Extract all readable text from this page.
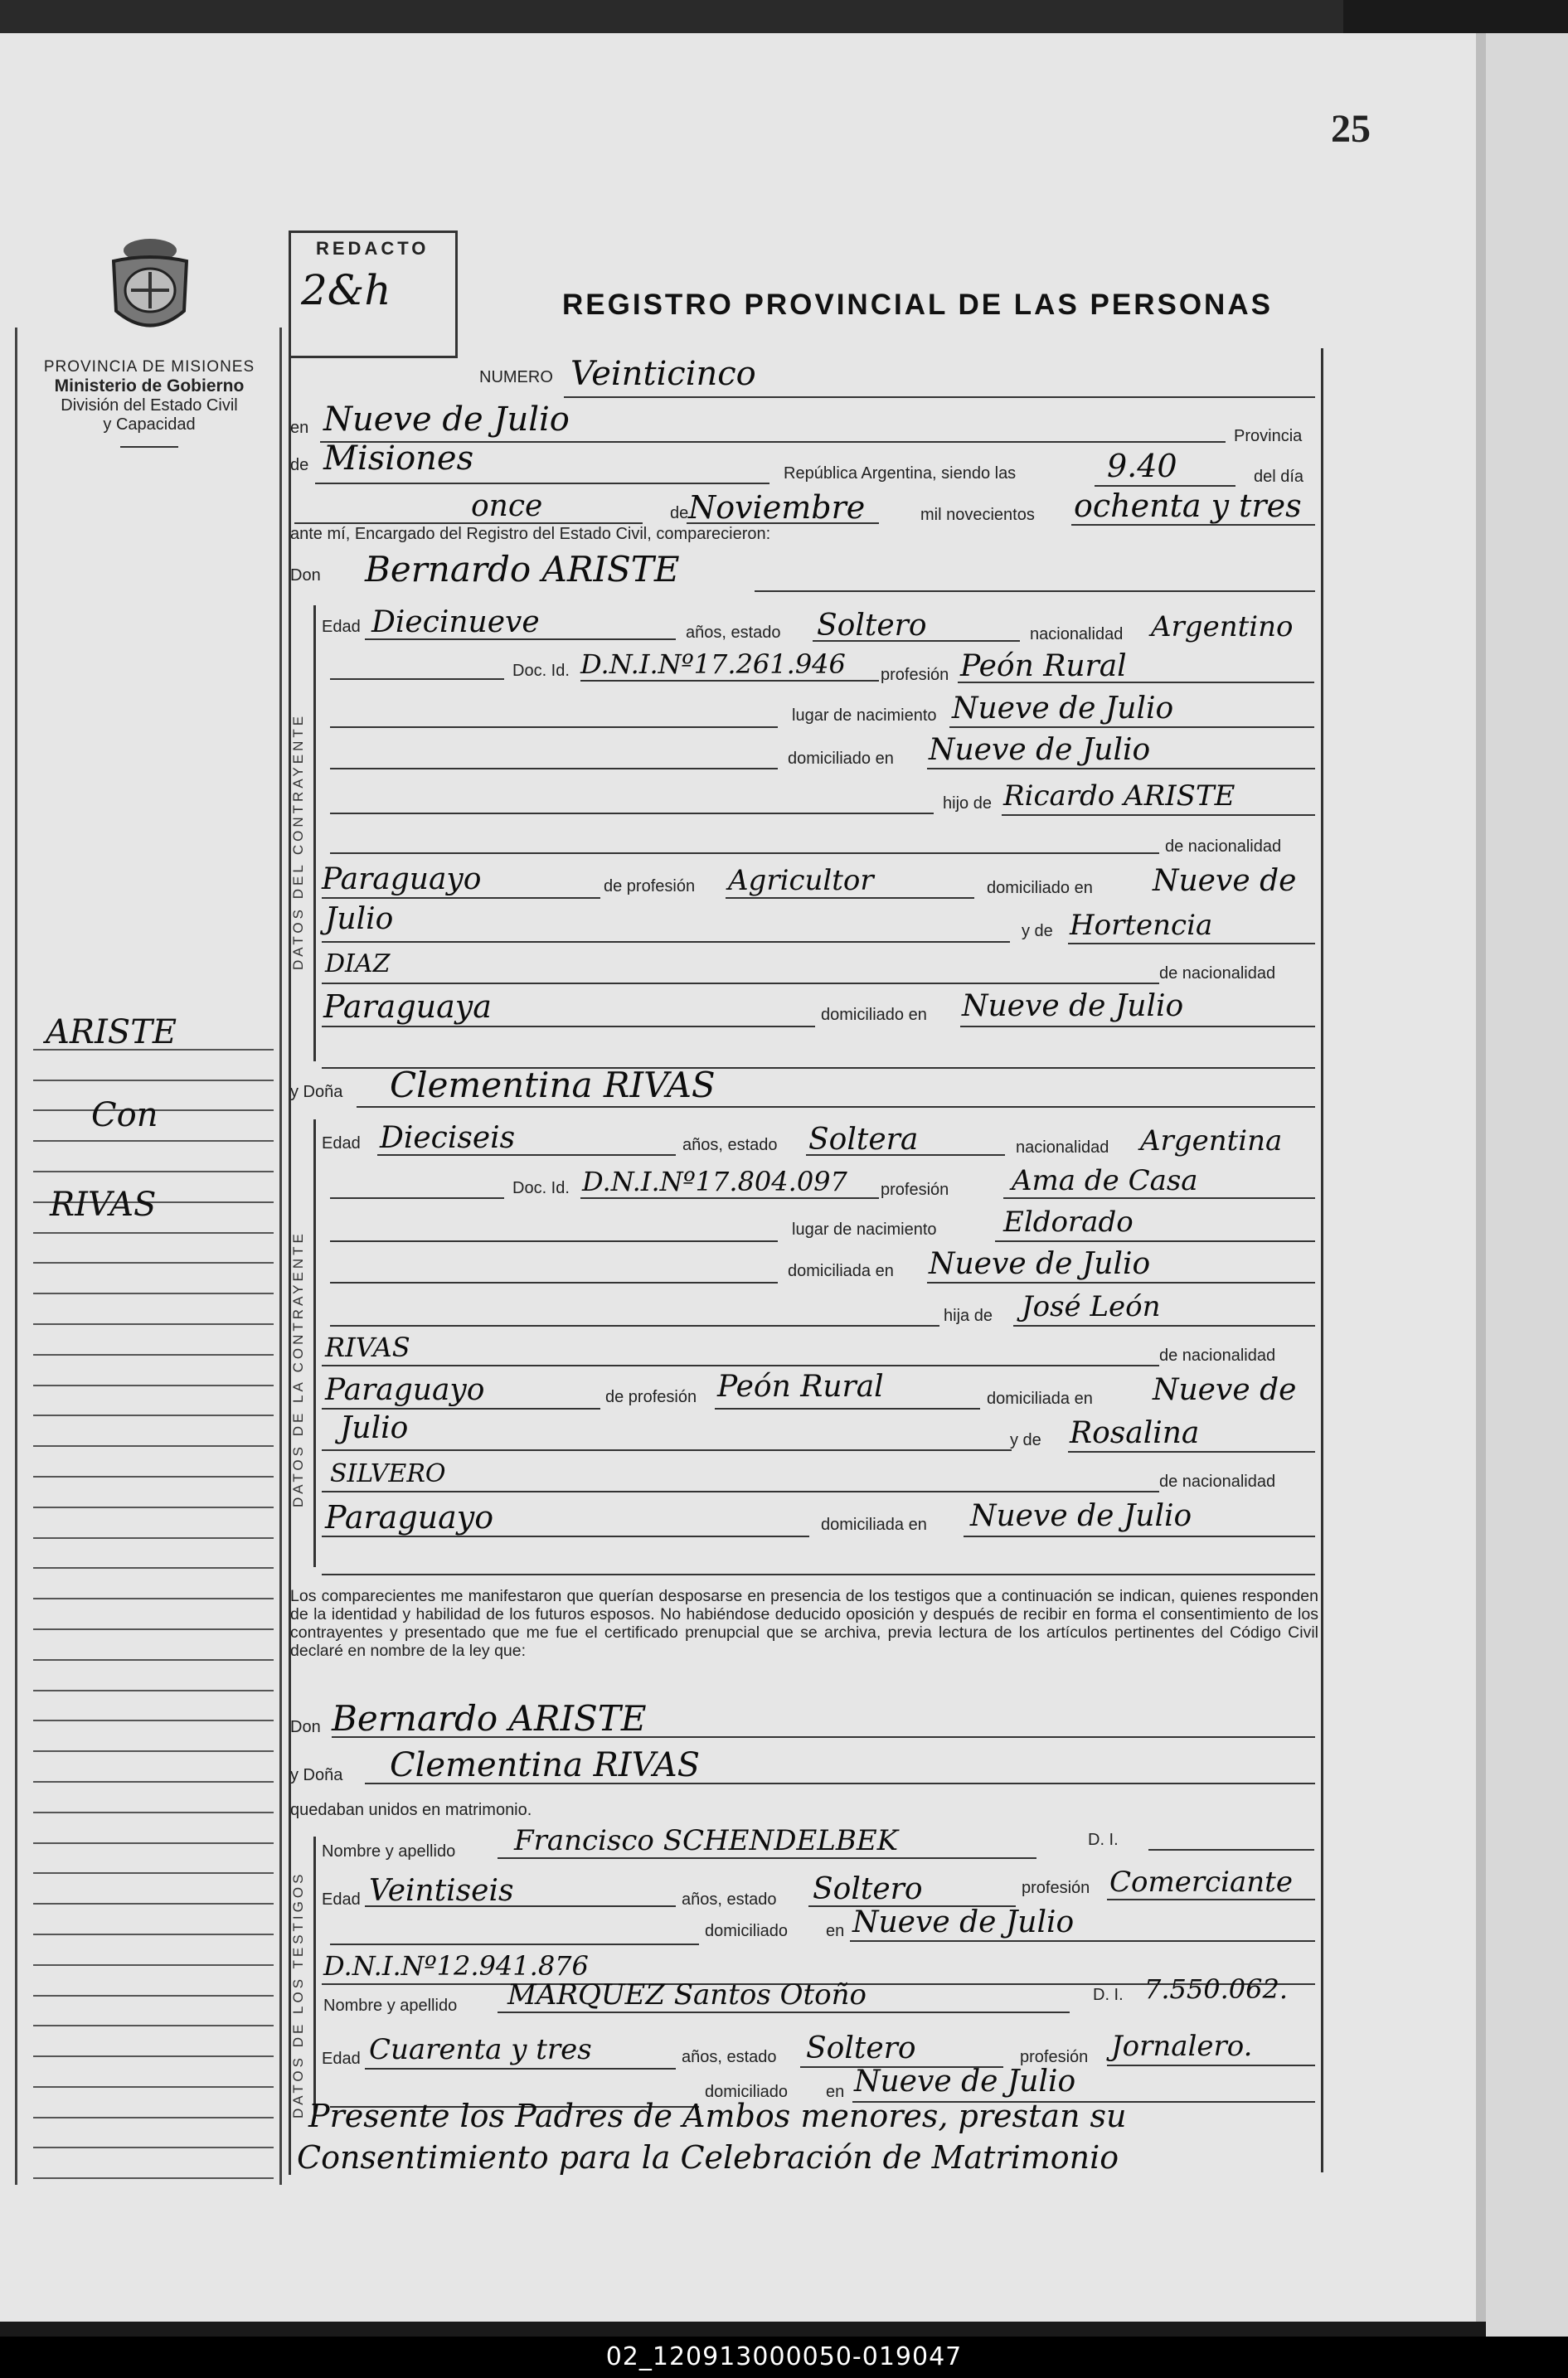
25
PROVINCIA DE MISIONES
Ministerio de Gobierno
División del Estado Civil
y Capacidad
ARISTE
Con
RIVAS
REDACTO
2&h	REGISTRO PROVINCIAL DE LAS PERSONAS
NUMERO Veinticinco
en Nueve de Julio	Provincia
de Misiones	República Argentina, siendo las	9.40	del día
once	de Noviembre	mil novecientos ochenta y tres
ante mí, Encargado del Registro del Estado Civil, comparecieron:
Don Bernardo ARISTE
DATOS DEL CONTRAYENTE
Edad Diecinueve	años, estado Soltero	nacionalidad Argentino
Doc. Id. D.N.I.Nº17.261.946 profesión Peón Rural
lugar de nacimiento Nueve de Julio
domiciliado en Nueve de Julio
hijo de Ricardo ARISTE
de nacionalidad
Paraguayo	de profesión Agricultor	domiciliado en Nueve de
Julio	y de Hortencia
DIAZ	de nacionalidad
Paraguaya	domiciliado en Nueve de Julio
y Doña Clementina RIVAS
DATOS DE LA CONTRAYENTE
Edad Dieciseis	años, estado Soltera	nacionalidad Argentina
Doc. Id. D.N.I.Nº17.804.097 profesión Ama de Casa
lugar de nacimiento Eldorado
domiciliada en Nueve de Julio
hija de José León
RIVAS	de nacionalidad
Paraguayo	de profesión Peón Rural	domiciliada en Nueve de
Julio	y de Rosalina
SILVERO	de nacionalidad
Paraguayo	domiciliada en Nueve de Julio
Los comparecientes me manifestaron que querían desposarse en presencia de los testigos que a continuación se indican, quienes responden de la identidad y habilidad de los futuros esposos. No habiéndose deducido oposición y después de recibir en forma el consentimiento de los contrayentes y presentado que me fue el certificado prenupcial que se archiva, previa lectura de los artículos pertinentes del Código Civil declaré en nombre de la ley que:
Don Bernardo ARISTE
y Doña Clementina RIVAS
quedaban unidos en matrimonio.
DATOS DE LOS TESTIGOS
Nombre y apellido Francisco SCHENDELBEK	D. I.
Edad Veintiseis	años, estado Soltero	profesión Comerciante
domiciliado en Nueve de Julio
D.N.I.Nº12.941.876
Nombre y apellido MARQUEZ Santos Otoño	D. I. 7.550.062.
Edad Cuarenta y tres	años, estado Soltero	profesión Jornalero.
domiciliado en Nueve de Julio
Presente los Padres de Ambos menores, prestan su
Consentimiento para la Celebración de Matrimonio
02_120913000050-019047
